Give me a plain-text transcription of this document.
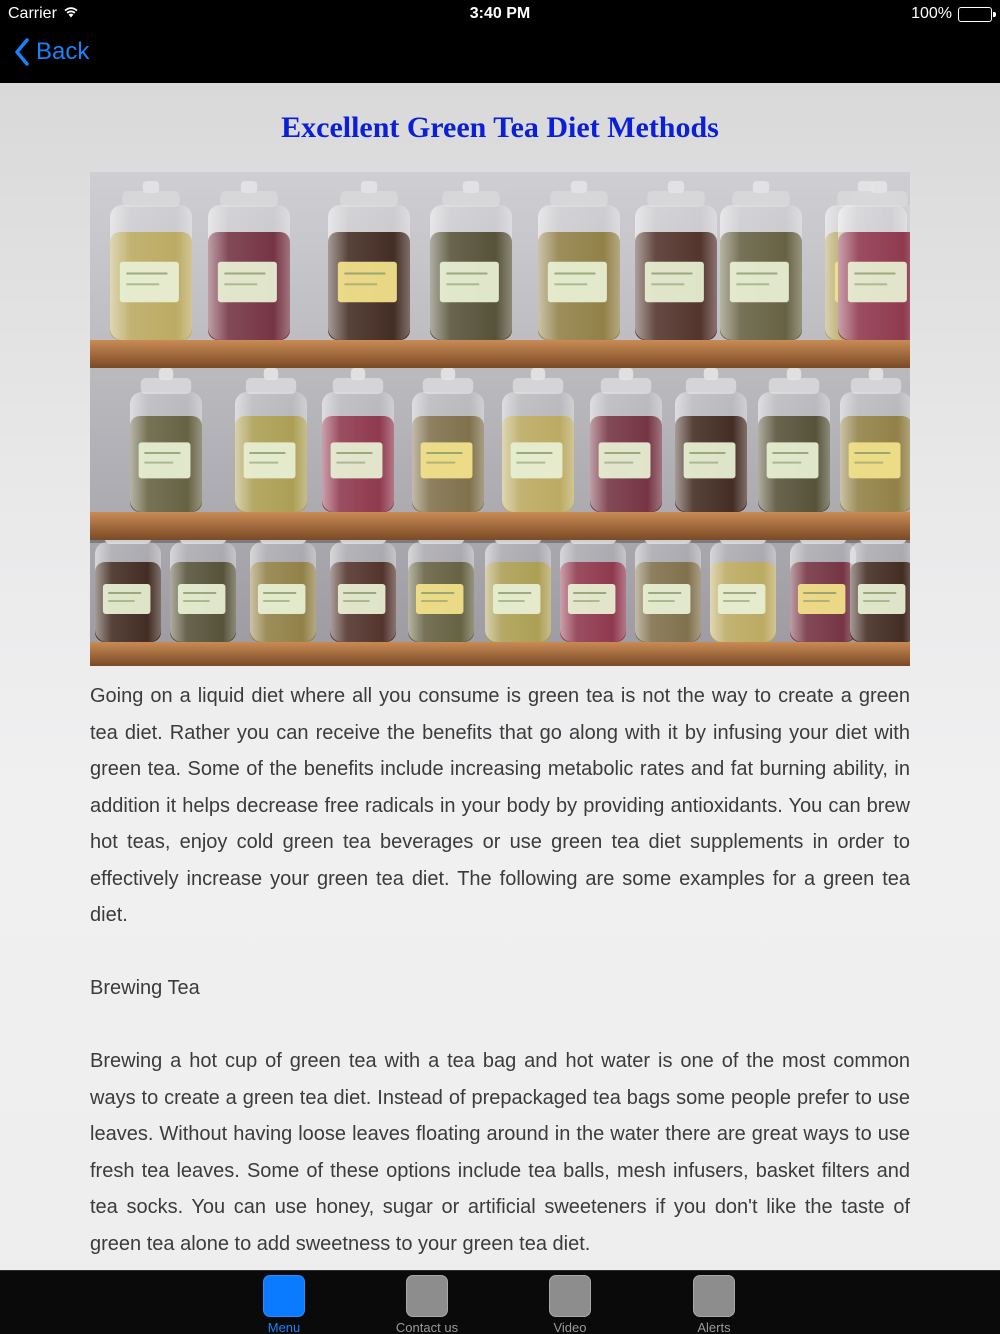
Carrier	3:40 PM	100%
Back
Excellent Green Tea Diet Methods

Going on a liquid diet where all you consume is green tea is not the way to create a green tea diet. Rather you can receive the benefits that go along with it by infusing your diet with green tea. Some of the benefits include increasing metabolic rates and fat burning ability, in addition it helps decrease free radicals in your body by providing antioxidants. You can brew hot teas, enjoy cold green tea beverages or use green tea diet supplements in order to effectively increase your green tea diet. The following are some examples for a green tea diet.

Brewing Tea

Brewing a hot cup of green tea with a tea bag and hot water is one of the most common ways to create a green tea diet. Instead of prepackaged tea bags some people prefer to use leaves. Without having loose leaves floating around in the water there are great ways to use fresh tea leaves. Some of these options include tea balls, mesh infusers, basket filters and tea socks. You can use honey, sugar or artificial sweeteners if you don't like the taste of green tea alone to add sweetness to your green tea diet.

Menu	Contact us	Video	Alerts
